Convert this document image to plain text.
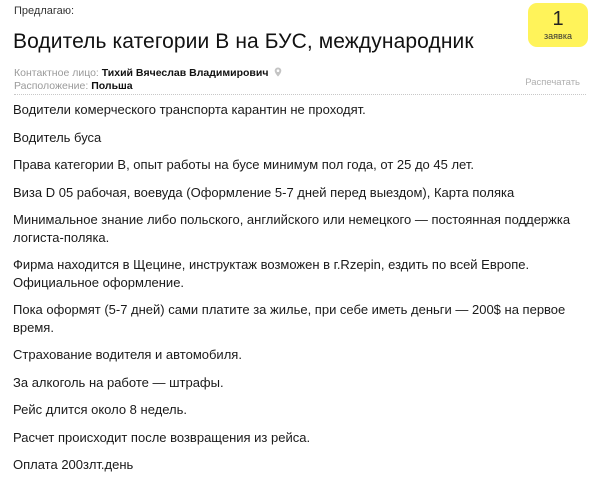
Предлагаю:	1
заявка
Водитель категории В на БУС, международник
Контактное лицо: Тихий Вячеслав Владимирович
Расположение: Польша	Распечатать
Водители комерческого транспорта карантин не проходят.
Водитель буса
Права категории В, опыт работы на бусе минимум пол года, от 25 до 45 лет.
Виза D 05 рабочая, воевуда (Оформление 5-7 дней перед выездом), Карта поляка
Минимальное знание либо польского, английского или немецкого — постоянная поддержка логиста-поляка.
Фирма находится в Щецине, инструктаж возможен в г.Rzepin, ездить по всей Европе. Официальное оформление.
Пока оформят (5-7 дней) сами платите за жилье, при себе иметь деньги — 200$ на первое время.
Страхование водителя и автомобиля.
За алкоголь на работе — штрафы.
Рейс длится около 8 недель.
Расчет происходит после возвращения из рейса.
Оплата 200злт.день
